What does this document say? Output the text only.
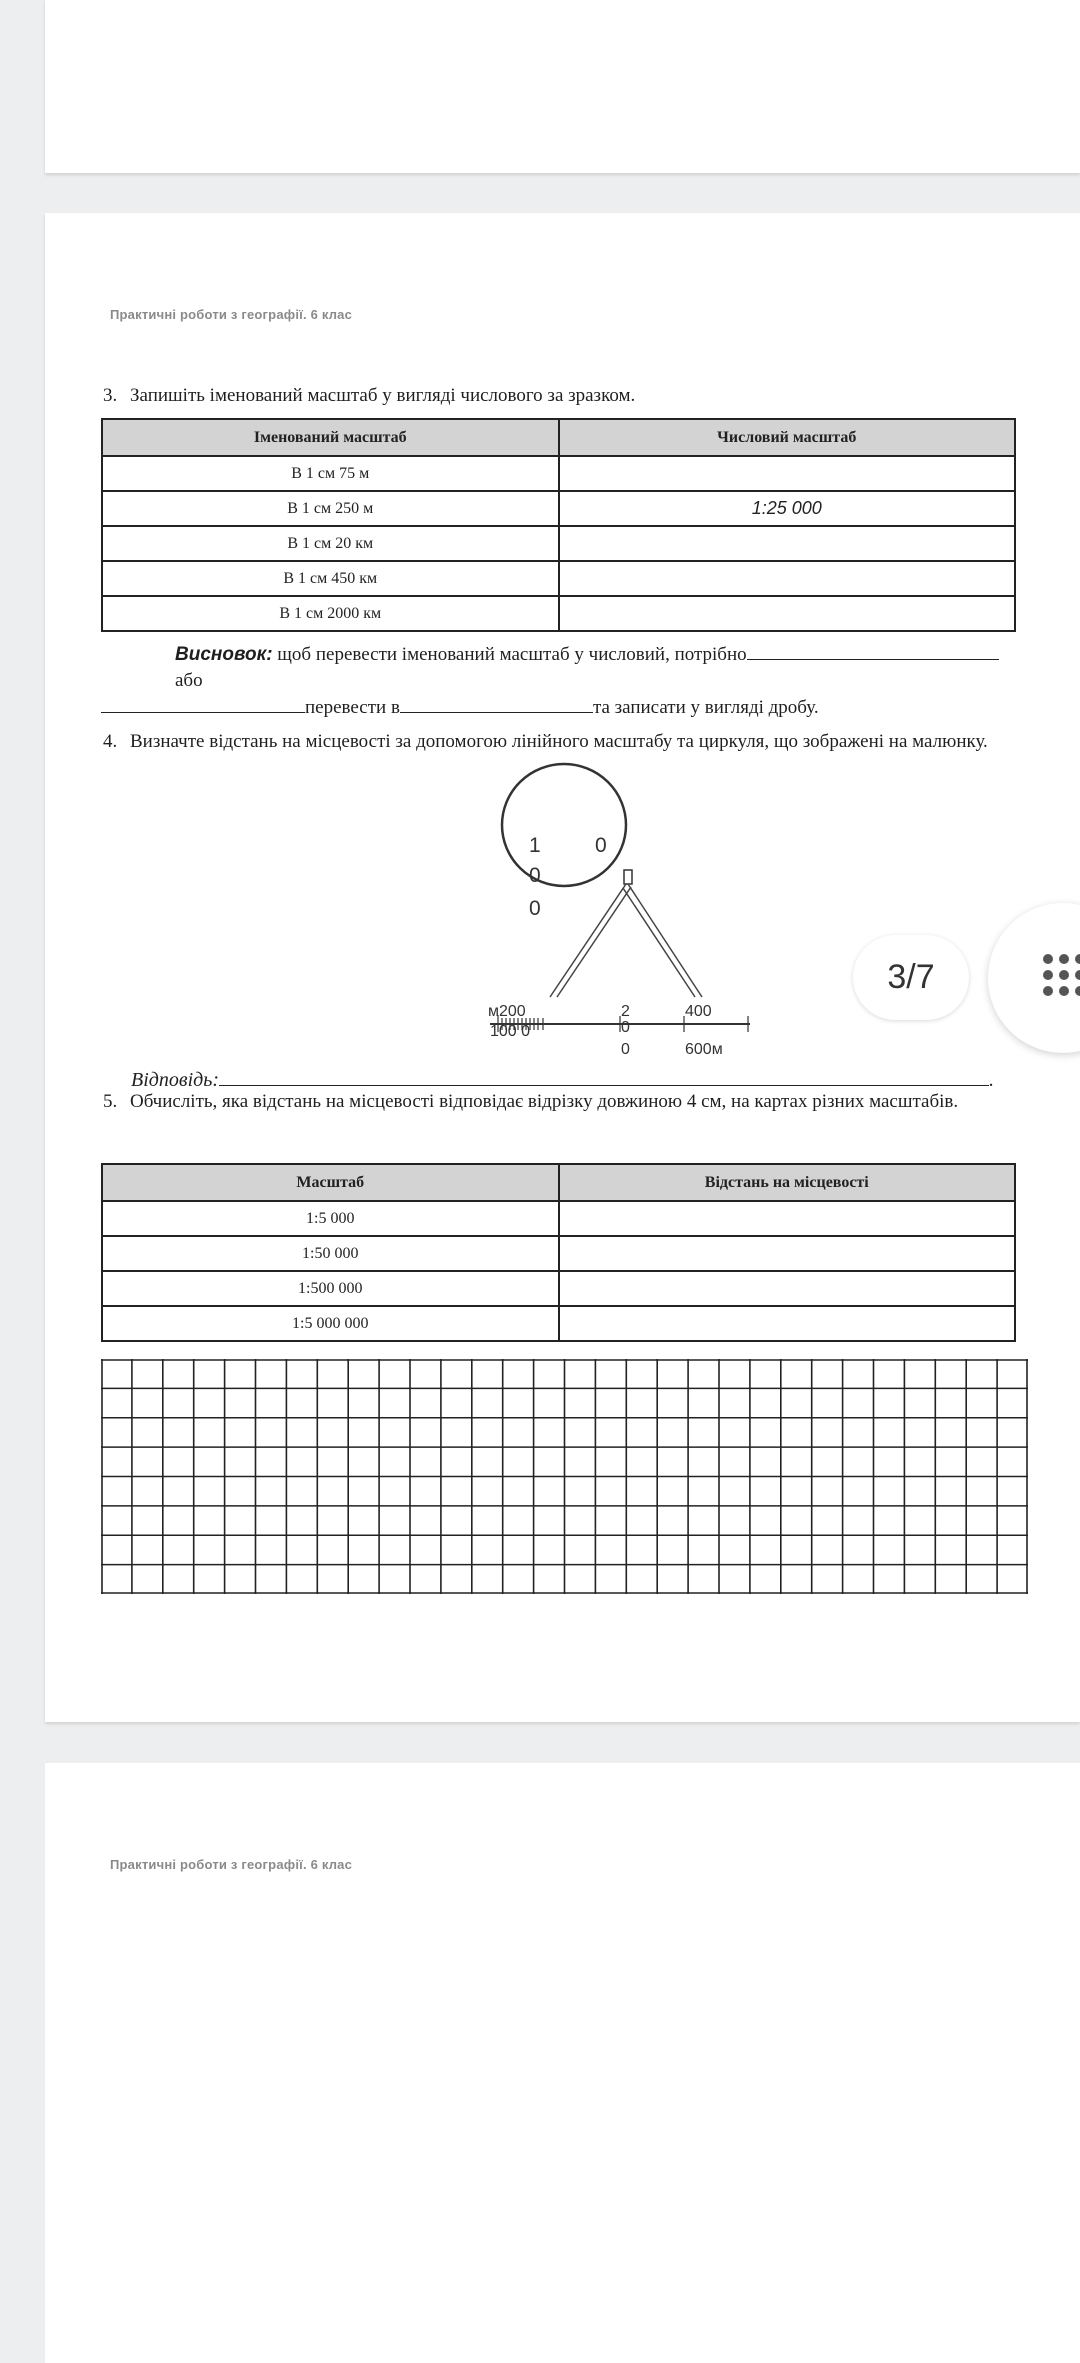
Практичні роботи з географії. 6 клас
3. Запишіть іменований масштаб у вигляді числового за зразком.
Іменований масштаб	Числовий масштаб
В 1 см 75 м	
В 1 см 250 м	1:25 000
В 1 см 20 км	
В 1 см 450 км	
В 1 см 2000 км	
Висновок: щоб перевести іменований масштаб у числовий, потрібноабо
перевести в	та записати у вигляді дробу.
4. Визначте відстань на місцевості за допомогою лінійного масштабу та циркуля, що зображені на малюнку.
1	0
0
0
м200
100 0
2
0
0
400
600м
Відповідь:	.
5. Обчисліть, яка відстань на місцевості відповідає відрізку довжиною 4 см, на картах різних масштабів.
Масштаб	Відстань на місцевості
1:5 000	
1:50 000	
1:500 000	
1:5 000 000	
Практичні роботи з географії. 6 клас
3/7
